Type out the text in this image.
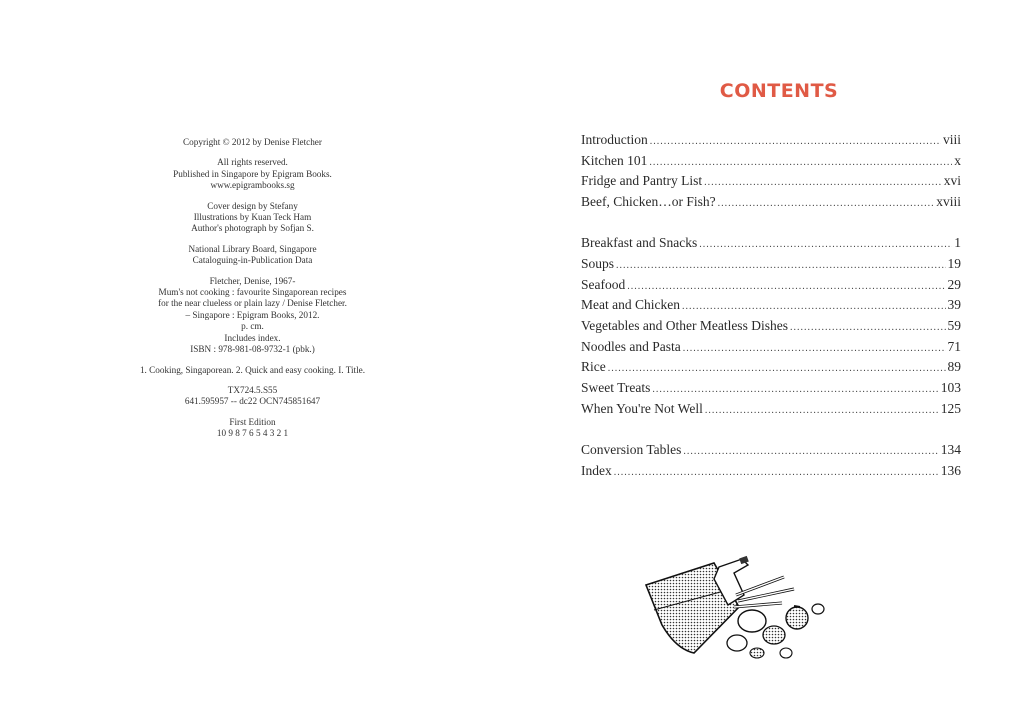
Copyright © 2012 by Denise Fletcher
All rights reserved.
Published in Singapore by Epigram Books.
www.epigrambooks.sg
Cover design by Stefany
Illustrations by Kuan Teck Ham
Author's photograph by Sofjan S.
National Library Board, Singapore
Cataloguing-in-Publication Data
Fletcher, Denise, 1967-
Mum's not cooking : favourite Singaporean recipes
for the near clueless or plain lazy / Denise Fletcher.
– Singapore : Epigram Books, 2012.
p. cm.
Includes index.
ISBN : 978-981-08-9732-1 (pbk.)
1. Cooking, Singaporean. 2. Quick and easy cooking. I. Title.
TX724.5.S55
641.595957 -- dc22 OCN745851647
First Edition
10 9 8 7 6 5 4 3 2 1
CONTENTS
Introduction .....	viii
Kitchen 101 .....	x
Fridge and Pantry List .....	xvi
Beef, Chicken…or Fish? .....	xviii
Breakfast and Snacks .....	1
Soups .....	19
Seafood .....	29
Meat and Chicken .....	39
Vegetables and Other Meatless Dishes .....	59
Noodles and Pasta .....	71
Rice .....	89
Sweet Treats .....	103
When You're Not Well .....	125
Conversion Tables .....	134
Index .....	136
